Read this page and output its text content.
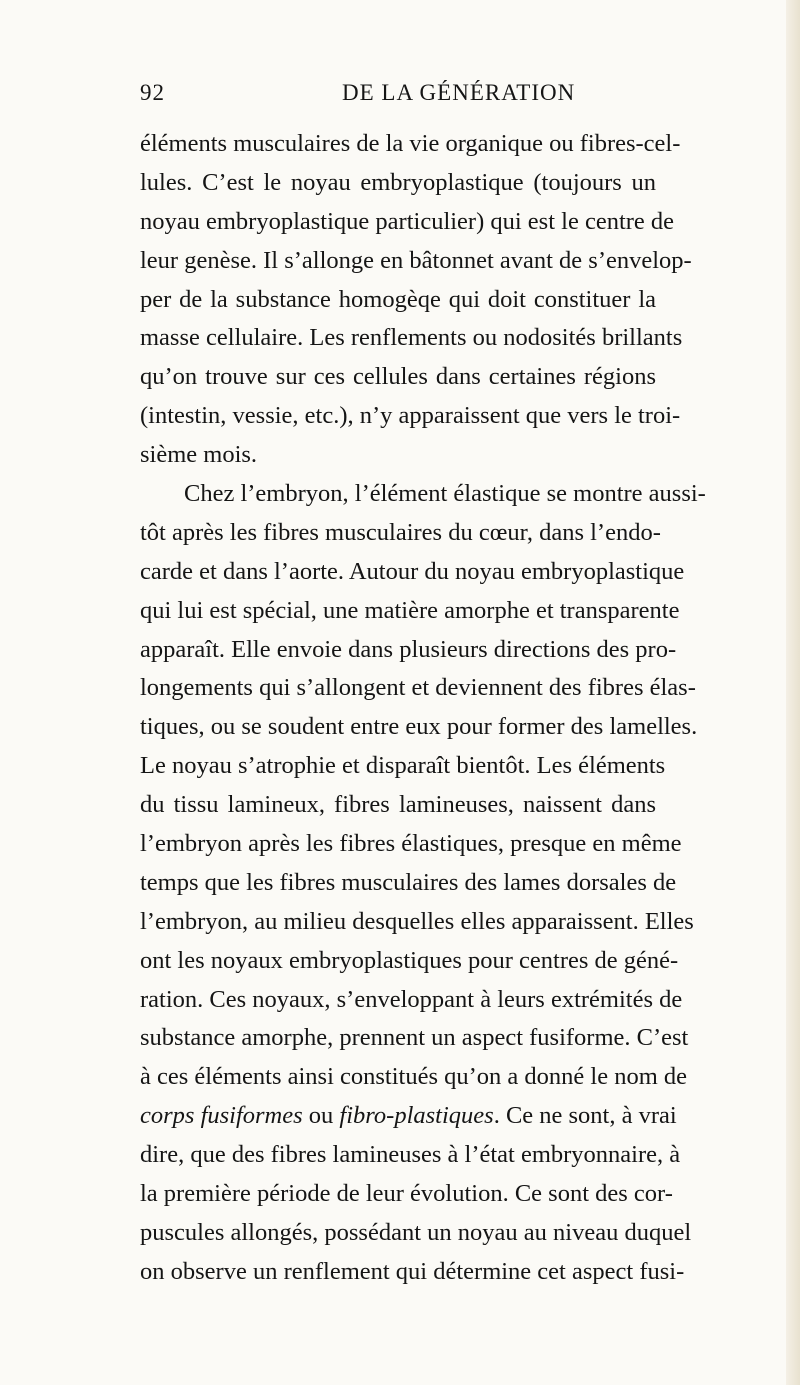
92	DE LA GÉNÉRATION
éléments musculaires de la vie organique ou fibres-cel-
lules. C’est le noyau embryoplastique (toujours un
noyau embryoplastique particulier) qui est le centre de
leur genèse. Il s’allonge en bâtonnet avant de s’envelop-
per de la substance homogèqe qui doit constituer la
masse cellulaire. Les renflements ou nodosités brillants
qu’on trouve sur ces cellules dans certaines régions
(intestin, vessie, etc.), n’y apparaissent que vers le troi-
sième mois.
Chez l’embryon, l’élément élastique se montre aussi-
tôt après les fibres musculaires du cœur, dans l’endo-
carde et dans l’aorte. Autour du noyau embryoplastique
qui lui est spécial, une matière amorphe et transparente
apparaît. Elle envoie dans plusieurs directions des pro-
longements qui s’allongent et deviennent des fibres élas-
tiques, ou se soudent entre eux pour former des lamelles.
Le noyau s’atrophie et disparaît bientôt. Les éléments
du tissu lamineux, fibres lamineuses, naissent dans
l’embryon après les fibres élastiques, presque en même
temps que les fibres musculaires des lames dorsales de
l’embryon, au milieu desquelles elles apparaissent. Elles
ont les noyaux embryoplastiques pour centres de géné-
ration. Ces noyaux, s’enveloppant à leurs extrémités de
substance amorphe, prennent un aspect fusiforme. C’est
à ces éléments ainsi constitués qu’on a donné le nom de
corps fusiformes ou fibro-plastiques. Ce ne sont, à vrai
dire, que des fibres lamineuses à l’état embryonnaire, à
la première période de leur évolution. Ce sont des cor-
puscules allongés, possédant un noyau au niveau duquel
on observe un renflement qui détermine cet aspect fusi-
